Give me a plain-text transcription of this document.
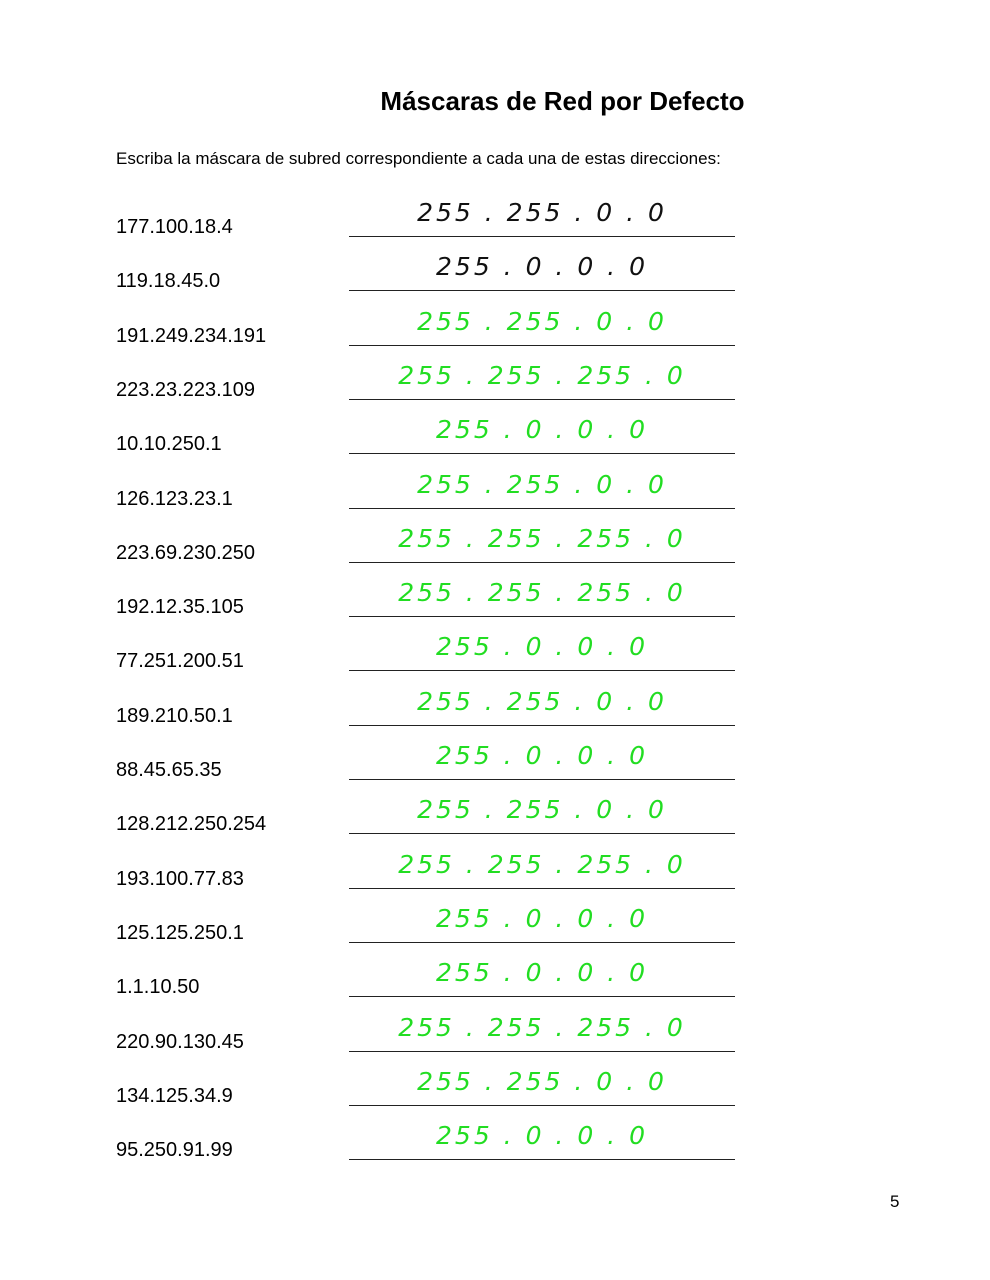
Máscaras de Red por Defecto
Escriba la máscara de subred correspondiente a cada una de estas direcciones:
177.100.18.4	255 . 255 . 0 . 0
119.18.45.0	255 . 0 . 0 . 0
191.249.234.191	255 . 255 . 0 . 0
223.23.223.109	255 . 255 . 255 . 0
10.10.250.1	255 . 0 . 0 . 0
126.123.23.1	255 . 255 . 0 . 0
223.69.230.250	255 . 255 . 255 . 0
192.12.35.105	255 . 255 . 255 . 0
77.251.200.51	255 . 0 . 0 . 0
189.210.50.1	255 . 255 . 0 . 0
88.45.65.35	255 . 0 . 0 . 0
128.212.250.254	255 . 255 . 0 . 0
193.100.77.83	255 . 255 . 255 . 0
125.125.250.1	255 . 0 . 0 . 0
1.1.10.50	255 . 0 . 0 . 0
220.90.130.45	255 . 255 . 255 . 0
134.125.34.9	255 . 255 . 0 . 0
95.250.91.99	255 . 0 . 0 . 0
5
